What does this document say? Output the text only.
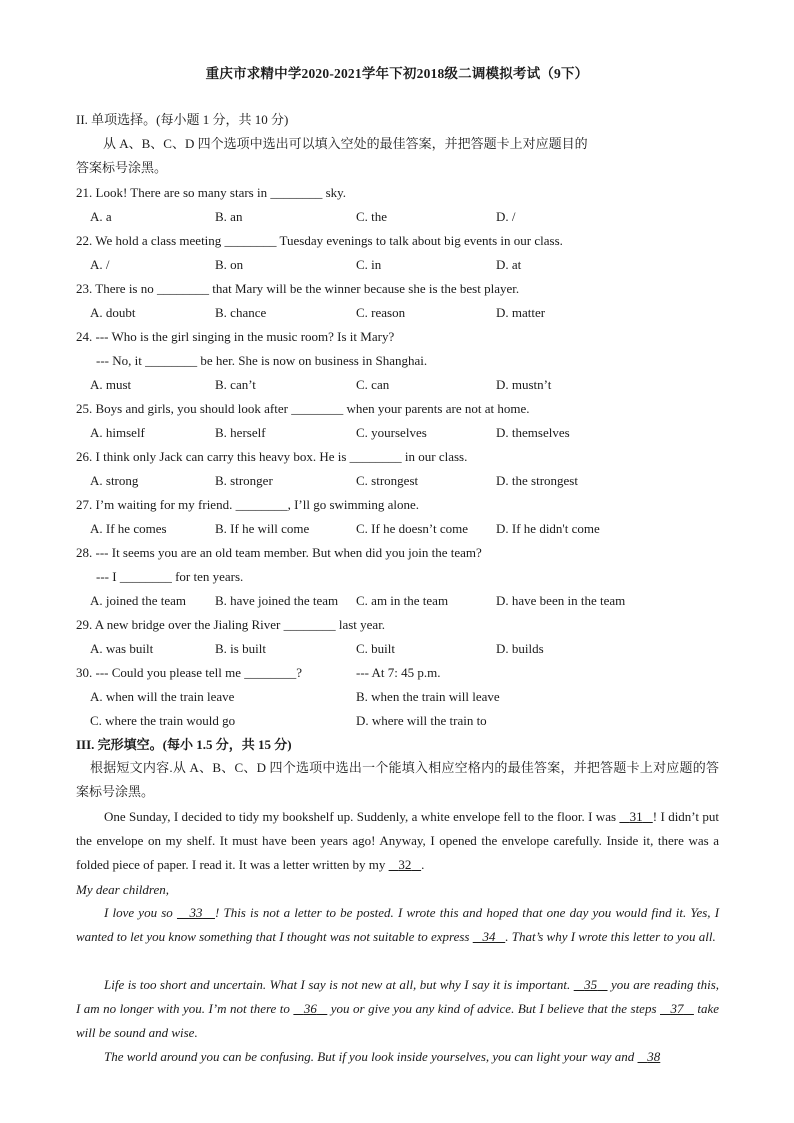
重庆市求精中学2020-2021学年下初2018级二调模拟考试（9下）
II. 单项选择。(每小题 1 分，共 10 分)
从 A、B、C、D 四个选项中选出可以填入空处的最佳答案，并把答题卡上对应题目的
答案标号涂黑。
21. Look! There are so many stars in ________ sky.
A. a	B. an	C. the	D. /
22. We hold a class meeting ________ Tuesday evenings to talk about big events in our class.
A. /	B. on	C. in	D. at
23. There is no ________ that Mary will be the winner because she is the best player.
A. doubt	B. chance	C. reason	D. matter
24. --- Who is the girl singing in the music room? Is it Mary?
--- No, it ________ be her. She is now on business in Shanghai.
A. must	B. can’t	C. can	D. mustn’t
25. Boys and girls, you should look after ________ when your parents are not at home.
A. himself	B. herself	C. yourselves	D. themselves
26. I think only Jack can carry this heavy box. He is ________ in our class.
A. strong	B. stronger	C. strongest	D. the strongest
27. I’m waiting for my friend. ________, I’ll go swimming alone.
A. If he comes	B. If he will come	C. If he doesn’t come D. If he didn't come
28. --- It seems you are an old team member. But when did you join the team?
--- I ________ for ten years.
A. joined the team B. have joined the team C. am in the team	D. have been in the team
29. A new bridge over the Jialing River ________ last year.
A. was built	B. is built	C. built	D. builds
30. --- Could you please tell me ________?	--- At 7: 45 p.m.
A. when will the train leave	B. when the train will leave
C. where the train would go	D. where will the train to
III. 完形填空。(每小 1.5 分，共 15 分)
根据短文内容.从 A、B、C、D 四个选项中选出一个能填入相应空格内的最佳答案，并把答题卡上对应题的答案标号涂黑。
One Sunday, I decided to tidy my bookshelf up. Suddenly, a white envelope fell to the floor. I was    31 ! I didn’t put the envelope on my shelf. It must have been years ago! Anyway, I opened the envelope carefully. Inside it, there was a folded piece of paper. I read it. It was a letter written by my    32 .
My dear children,
I love you so    33 ! This is not a letter to be posted. I wrote this and hoped that one day you would find it. Yes, I wanted to let you know something that I thought was not suitable to express    34 . That’s why I wrote this letter to you all.
Life is too short and uncertain. What I say is not new at all, but why I say it is important.    35    you are reading this, I am no longer with you. I’m not there to    36    you or give you any kind of advice. But I believe that the steps    37    take will be sound and wise.
The world around you can be confusing. But if you look inside yourselves, you can light your way and    38
